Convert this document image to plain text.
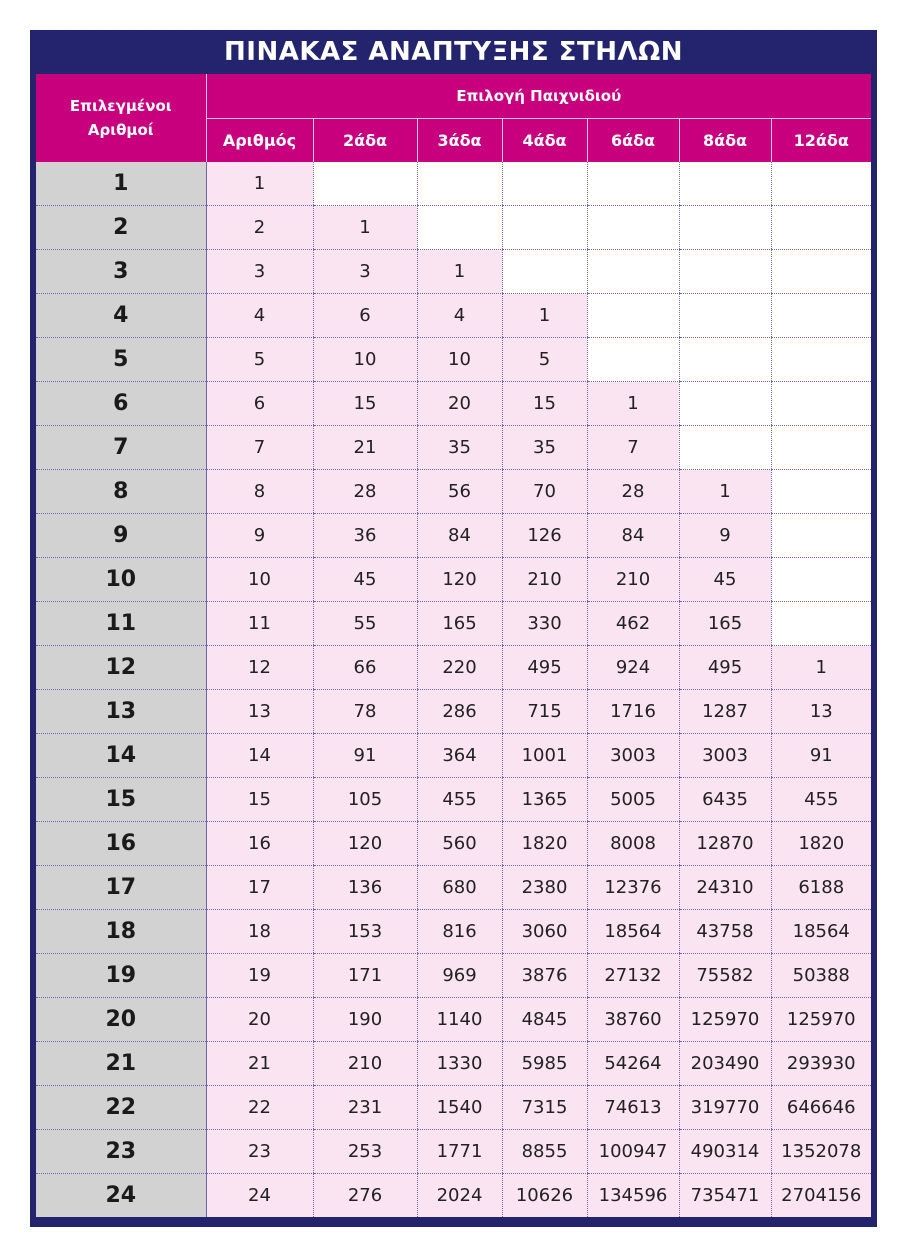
ΠΙΝΑΚΑΣ ΑΝΑΠΤΥΞΗΣ ΣΤΗΛΩΝ
Επιλεγμένοι
Αριθμοί	Επιλογή Παιχνιδιού						
	Αριθμός	2άδα	3άδα	4άδα	6άδα	8άδα	12άδα
1	1						
2	2	1					
3	3	3	1				
4	4	6	4	1			
5	5	10	10	5			
6	6	15	20	15	1		
7	7	21	35	35	7		
8	8	28	56	70	28	1	
9	9	36	84	126	84	9	
10	10	45	120	210	210	45	
11	11	55	165	330	462	165	
12	12	66	220	495	924	495	1
13	13	78	286	715	1716	1287	13
14	14	91	364	1001	3003	3003	91
15	15	105	455	1365	5005	6435	455
16	16	120	560	1820	8008	12870	1820
17	17	136	680	2380	12376	24310	6188
18	18	153	816	3060	18564	43758	18564
19	19	171	969	3876	27132	75582	50388
20	20	190	1140	4845	38760	125970	125970
21	21	210	1330	5985	54264	203490	293930
22	22	231	1540	7315	74613	319770	646646
23	23	253	1771	8855	100947	490314	1352078
24	24	276	2024	10626	134596	735471	2704156
